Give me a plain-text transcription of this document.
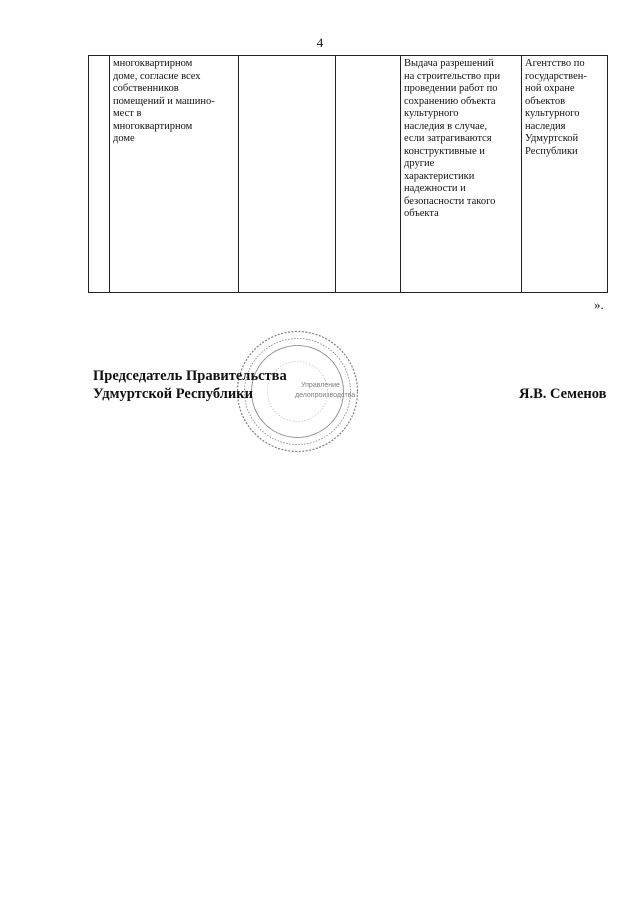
4
	многоквартирном
доме, согласие всех
собственников
помещений и машино-
мест в
многоквартирном
доме			Выдача разрешений
на строительство при
проведении работ по
сохранению объекта
культурного
наследия в случае,
если затрагиваются
конструктивные и
другие
характеристики
надежности и
безопасности такого
объекта	Агентство по
государствен-
ной охране
объектов
культурного
наследия
Удмуртской
Республики
».
Управление
делопроизводства
Председатель Правительства
Удмуртской Республики	Я.В. Семенов
